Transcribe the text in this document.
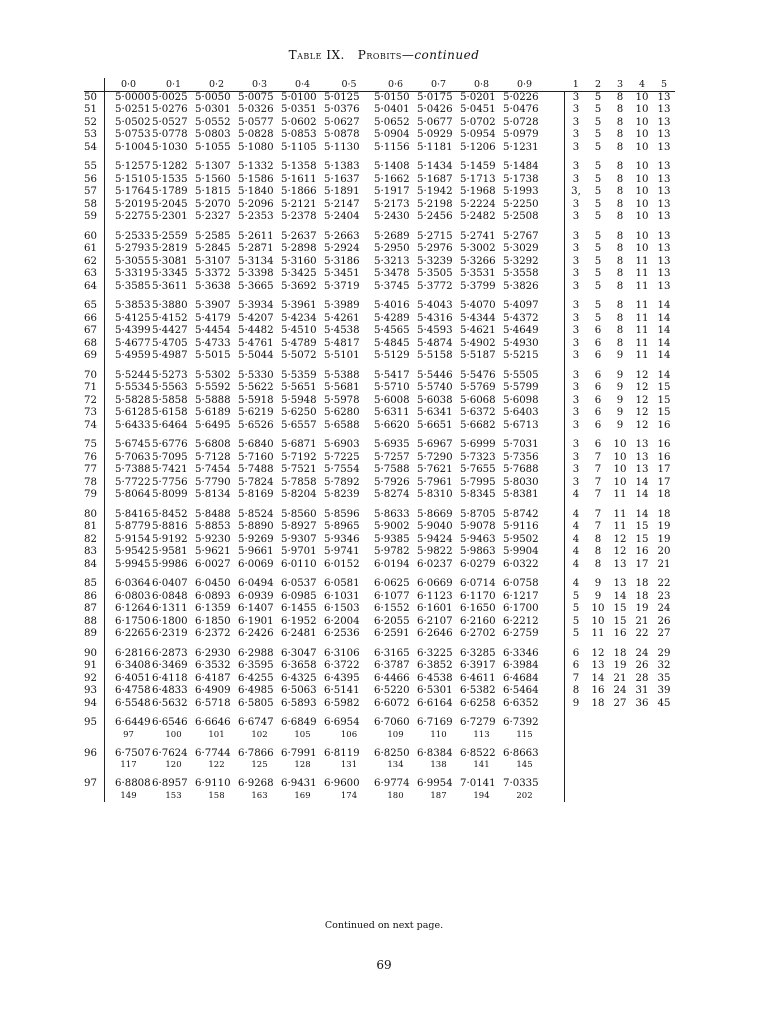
Table IX. Probits—continued
	0·0	0·1	0·2	0·3	0·4	0·5	0·6	0·7	0·8	0·9		1	2	3	4	5
50	5·0000	5·0025	5·0050	5·0075	5·0100	5·0125	5·0150	5·0175	5·0201	5·0226		3	5	8	10	13
51	5·0251	5·0276	5·0301	5·0326	5·0351	5·0376	5·0401	5·0426	5·0451	5·0476		3	5	8	10	13
52	5·0502	5·0527	5·0552	5·0577	5·0602	5·0627	5·0652	5·0677	5·0702	5·0728		3	5	8	10	13
53	5·0753	5·0778	5·0803	5·0828	5·0853	5·0878	5·0904	5·0929	5·0954	5·0979		3	5	8	10	13
54	5·1004	5·1030	5·1055	5·1080	5·1105	5·1130	5·1156	5·1181	5·1206	5·1231		3	5	8	10	13

55	5·1257	5·1282	5·1307	5·1332	5·1358	5·1383	5·1408	5·1434	5·1459	5·1484		3	5	8	10	13
56	5·1510	5·1535	5·1560	5·1586	5·1611	5·1637	5·1662	5·1687	5·1713	5·1738		3	5	8	10	13
57	5·1764	5·1789	5·1815	5·1840	5·1866	5·1891	5·1917	5·1942	5·1968	5·1993		3,	5	8	10	13
58	5·2019	5·2045	5·2070	5·2096	5·2121	5·2147	5·2173	5·2198	5·2224	5·2250		3	5	8	10	13
59	5·2275	5·2301	5·2327	5·2353	5·2378	5·2404	5·2430	5·2456	5·2482	5·2508		3	5	8	10	13

60	5·2533	5·2559	5·2585	5·2611	5·2637	5·2663	5·2689	5·2715	5·2741	5·2767		3	5	8	10	13
61	5·2793	5·2819	5·2845	5·2871	5·2898	5·2924	5·2950	5·2976	5·3002	5·3029		3	5	8	10	13
62	5·3055	5·3081	5·3107	5·3134	5·3160	5·3186	5·3213	5·3239	5·3266	5·3292		3	5	8	11	13
63	5·3319	5·3345	5·3372	5·3398	5·3425	5·3451	5·3478	5·3505	5·3531	5·3558		3	5	8	11	13
64	5·3585	5·3611	5·3638	5·3665	5·3692	5·3719	5·3745	5·3772	5·3799	5·3826		3	5	8	11	13

65	5·3853	5·3880	5·3907	5·3934	5·3961	5·3989	5·4016	5·4043	5·4070	5·4097		3	5	8	11	14
66	5·4125	5·4152	5·4179	5·4207	5·4234	5·4261	5·4289	5·4316	5·4344	5·4372		3	5	8	11	14
67	5·4399	5·4427	5·4454	5·4482	5·4510	5·4538	5·4565	5·4593	5·4621	5·4649		3	6	8	11	14
68	5·4677	5·4705	5·4733	5·4761	5·4789	5·4817	5·4845	5·4874	5·4902	5·4930		3	6	8	11	14
69	5·4959	5·4987	5·5015	5·5044	5·5072	5·5101	5·5129	5·5158	5·5187	5·5215		3	6	9	11	14

70	5·5244	5·5273	5·5302	5·5330	5·5359	5·5388	5·5417	5·5446	5·5476	5·5505		3	6	9	12	14
71	5·5534	5·5563	5·5592	5·5622	5·5651	5·5681	5·5710	5·5740	5·5769	5·5799		3	6	9	12	15
72	5·5828	5·5858	5·5888	5·5918	5·5948	5·5978	5·6008	5·6038	5·6068	5·6098		3	6	9	12	15
73	5·6128	5·6158	5·6189	5·6219	5·6250	5·6280	5·6311	5·6341	5·6372	5·6403		3	6	9	12	15
74	5·6433	5·6464	5·6495	5·6526	5·6557	5·6588	5·6620	5·6651	5·6682	5·6713		3	6	9	12	16

75	5·6745	5·6776	5·6808	5·6840	5·6871	5·6903	5·6935	5·6967	5·6999	5·7031		3	6	10	13	16
76	5·7063	5·7095	5·7128	5·7160	5·7192	5·7225	5·7257	5·7290	5·7323	5·7356		3	7	10	13	16
77	5·7388	5·7421	5·7454	5·7488	5·7521	5·7554	5·7588	5·7621	5·7655	5·7688		3	7	10	13	17
78	5·7722	5·7756	5·7790	5·7824	5·7858	5·7892	5·7926	5·7961	5·7995	5·8030		3	7	10	14	17
79	5·8064	5·8099	5·8134	5·8169	5·8204	5·8239	5·8274	5·8310	5·8345	5·8381		4	7	11	14	18

80	5·8416	5·8452	5·8488	5·8524	5·8560	5·8596	5·8633	5·8669	5·8705	5·8742		4	7	11	14	18
81	5·8779	5·8816	5·8853	5·8890	5·8927	5·8965	5·9002	5·9040	5·9078	5·9116		4	7	11	15	19
82	5·9154	5·9192	5·9230	5·9269	5·9307	5·9346	5·9385	5·9424	5·9463	5·9502		4	8	12	15	19
83	5·9542	5·9581	5·9621	5·9661	5·9701	5·9741	5·9782	5·9822	5·9863	5·9904		4	8	12	16	20
84	5·9945	5·9986	6·0027	6·0069	6·0110	6·0152	6·0194	6·0237	6·0279	6·0322		4	8	13	17	21

85	6·0364	6·0407	6·0450	6·0494	6·0537	6·0581	6·0625	6·0669	6·0714	6·0758		4	9	13	18	22
86	6·0803	6·0848	6·0893	6·0939	6·0985	6·1031	6·1077	6·1123	6·1170	6·1217		5	9	14	18	23
87	6·1264	6·1311	6·1359	6·1407	6·1455	6·1503	6·1552	6·1601	6·1650	6·1700		5	10	15	19	24
88	6·1750	6·1800	6·1850	6·1901	6·1952	6·2004	6·2055	6·2107	6·2160	6·2212		5	10	15	21	26
89	6·2265	6·2319	6·2372	6·2426	6·2481	6·2536	6·2591	6·2646	6·2702	6·2759		5	11	16	22	27

90	6·2816	6·2873	6·2930	6·2988	6·3047	6·3106	6·3165	6·3225	6·3285	6·3346		6	12	18	24	29
91	6·3408	6·3469	6·3532	6·3595	6·3658	6·3722	6·3787	6·3852	6·3917	6·3984		6	13	19	26	32
92	6·4051	6·4118	6·4187	6·4255	6·4325	6·4395	6·4466	6·4538	6·4611	6·4684		7	14	21	28	35
93	6·4758	6·4833	6·4909	6·4985	6·5063	6·5141	6·5220	6·5301	6·5382	6·5464		8	16	24	31	39
94	6·5548	6·5632	6·5718	6·5805	6·5893	6·5982	6·6072	6·6164	6·6258	6·6352		9	18	27	36	45

95	6·6449	6·6546	6·6646	6·6747	6·6849	6·6954	6·7060	6·7169	6·7279	6·7392						
	97	100	101	102	105	106	109	110	113	115						

96	6·7507	6·7624	6·7744	6·7866	6·7991	6·8119	6·8250	6·8384	6·8522	6·8663						
	117	120	122	125	128	131	134	138	141	145						

97	6·8808	6·8957	6·9110	6·9268	6·9431	6·9600	6·9774	6·9954	7·0141	7·0335						
	149	153	158	163	169	174	180	187	194	202						
Continued on next page.
69
